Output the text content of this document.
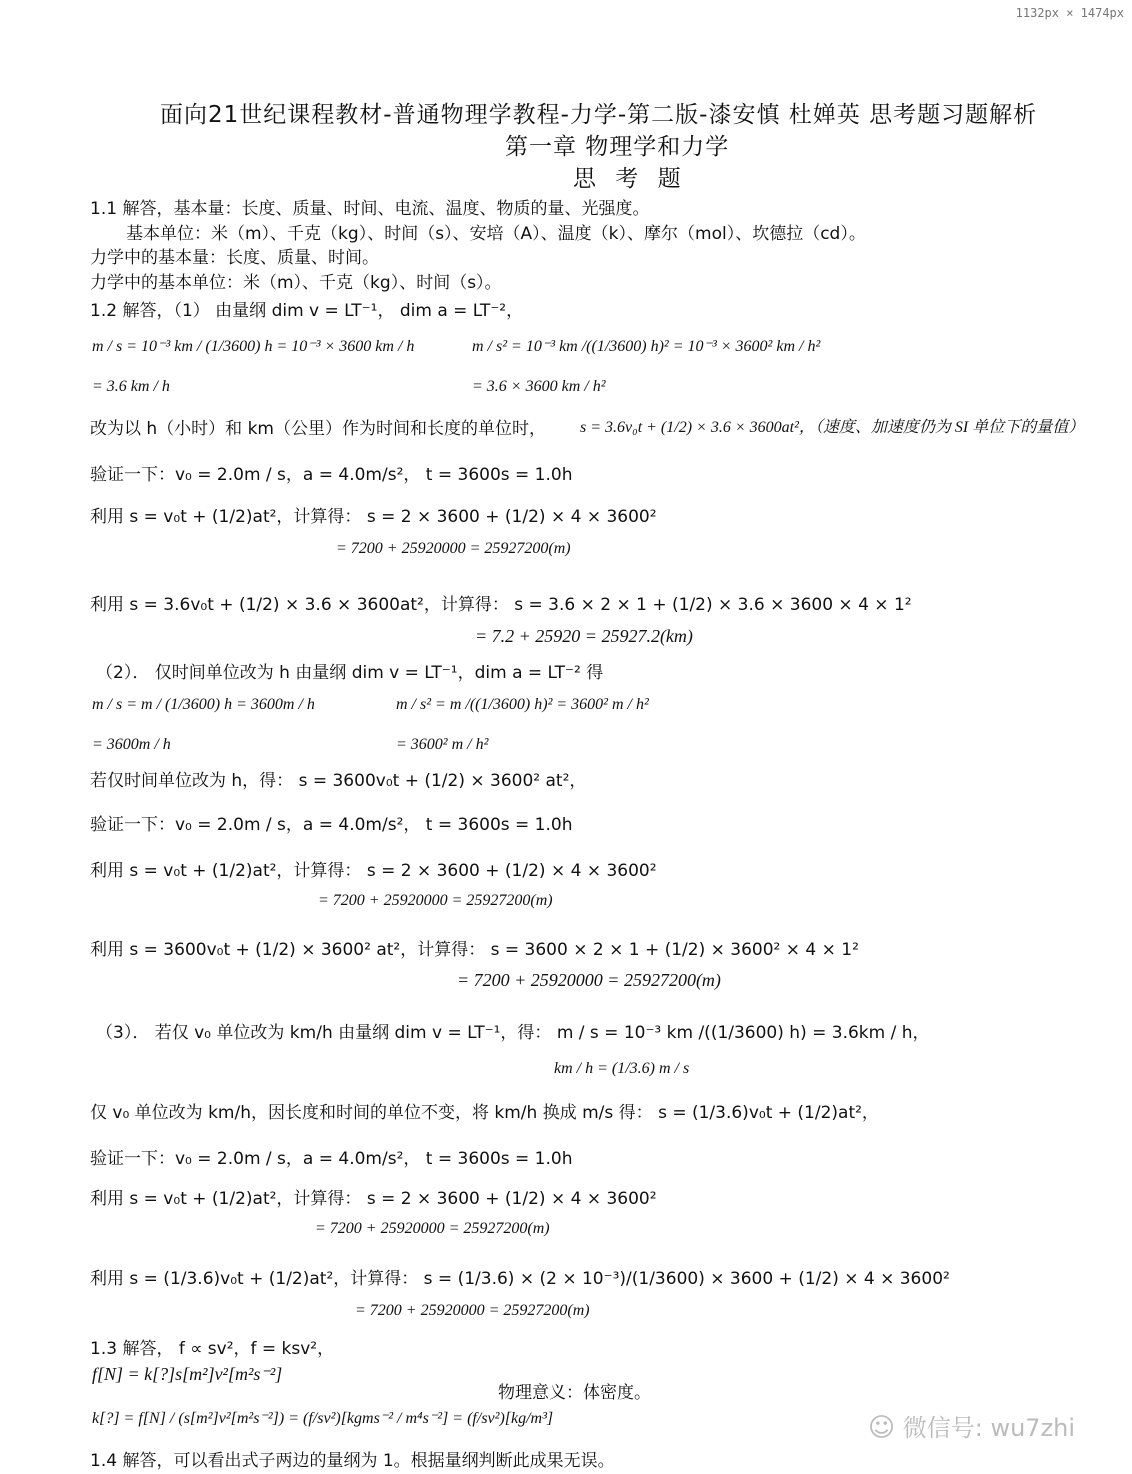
1132px × 1474px
面向21世纪课程教材-普通物理学教程-力学-第二版-漆安慎 杜婵英 思考题习题解析
第一章 物理学和力学
思 考 题
1.1 解答，基本量：长度、质量、时间、电流、温度、物质的量、光强度。
基本单位：米（m）、千克（kg）、时间（s）、安培（A）、温度（k）、摩尔（mol）、坎德拉（cd）。
力学中的基本量：长度、质量、时间。
力学中的基本单位：米（m）、千克（kg）、时间（s）。
1.2 解答，（1） 由量纲 dim v = LT⁻¹， dim a = LT⁻²，
m / s = 10⁻³ km / (1/3600) h = 10⁻³ × 3600 km / h	m / s² = 10⁻³ km /((1/3600) h)² = 10⁻³ × 3600² km / h²
= 3.6 km / h	= 3.6 × 3600 km / h²
改为以 h（小时）和 km（公里）作为时间和长度的单位时， s = 3.6v₀t + (1/2) × 3.6 × 3600at²，（速度、加速度仍为 SI 单位下的量值）
验证一下：v₀ = 2.0m / s，a = 4.0m/s²， t = 3600s = 1.0h
利用 s = v₀t + (1/2)at²，计算得： s = 2 × 3600 + (1/2) × 4 × 3600²
= 7200 + 25920000 = 25927200(m)
利用 s = 3.6v₀t + (1/2) × 3.6 × 3600at²，计算得： s = 3.6 × 2 × 1 + (1/2) × 3.6 × 3600 × 4 × 1²
= 7.2 + 25920 = 25927.2(km)
（2）． 仅时间单位改为 h 由量纲 dim v = LT⁻¹，dim a = LT⁻² 得
m / s = m / (1/3600) h = 3600m / h	m / s² = m /((1/3600) h)² = 3600² m / h²
= 3600m / h	= 3600² m / h²
若仅时间单位改为 h，得： s = 3600v₀t + (1/2) × 3600² at²，
验证一下：v₀ = 2.0m / s，a = 4.0m/s²， t = 3600s = 1.0h
利用 s = v₀t + (1/2)at²，计算得： s = 2 × 3600 + (1/2) × 4 × 3600²
= 7200 + 25920000 = 25927200(m)
利用 s = 3600v₀t + (1/2) × 3600² at²，计算得： s = 3600 × 2 × 1 + (1/2) × 3600² × 4 × 1²
= 7200 + 25920000 = 25927200(m)
（3）． 若仅 v₀ 单位改为 km/h 由量纲 dim v = LT⁻¹，得： m / s = 10⁻³ km /((1/3600) h) = 3.6km / h，
km / h = (1/3.6) m / s
仅 v₀ 单位改为 km/h，因长度和时间的单位不变，将 km/h 换成 m/s 得： s = (1/3.6)v₀t + (1/2)at²，
验证一下：v₀ = 2.0m / s，a = 4.0m/s²， t = 3600s = 1.0h
利用 s = v₀t + (1/2)at²，计算得： s = 2 × 3600 + (1/2) × 4 × 3600²
= 7200 + 25920000 = 25927200(m)
利用 s = (1/3.6)v₀t + (1/2)at²，计算得： s = (1/3.6) × (2 × 10⁻³)/(1/3600) × 3600 + (1/2) × 4 × 3600²
= 7200 + 25920000 = 25927200(m)
1.3 解答， f ∝ sv²，f = ksv²，
f[N] = k[?]s[m²]v²[m²s⁻²]
k[?] = f[N] / (s[m²]v²[m²s⁻²]) = (f/sv²)[kgms⁻² / m⁴s⁻²] = (f/sv²)[kg/m³]
物理意义：体密度。
1.4 解答，可以看出式子两边的量纲为 1。根据量纲判断此成果无误。
☺ 微信号: wu7zhi
